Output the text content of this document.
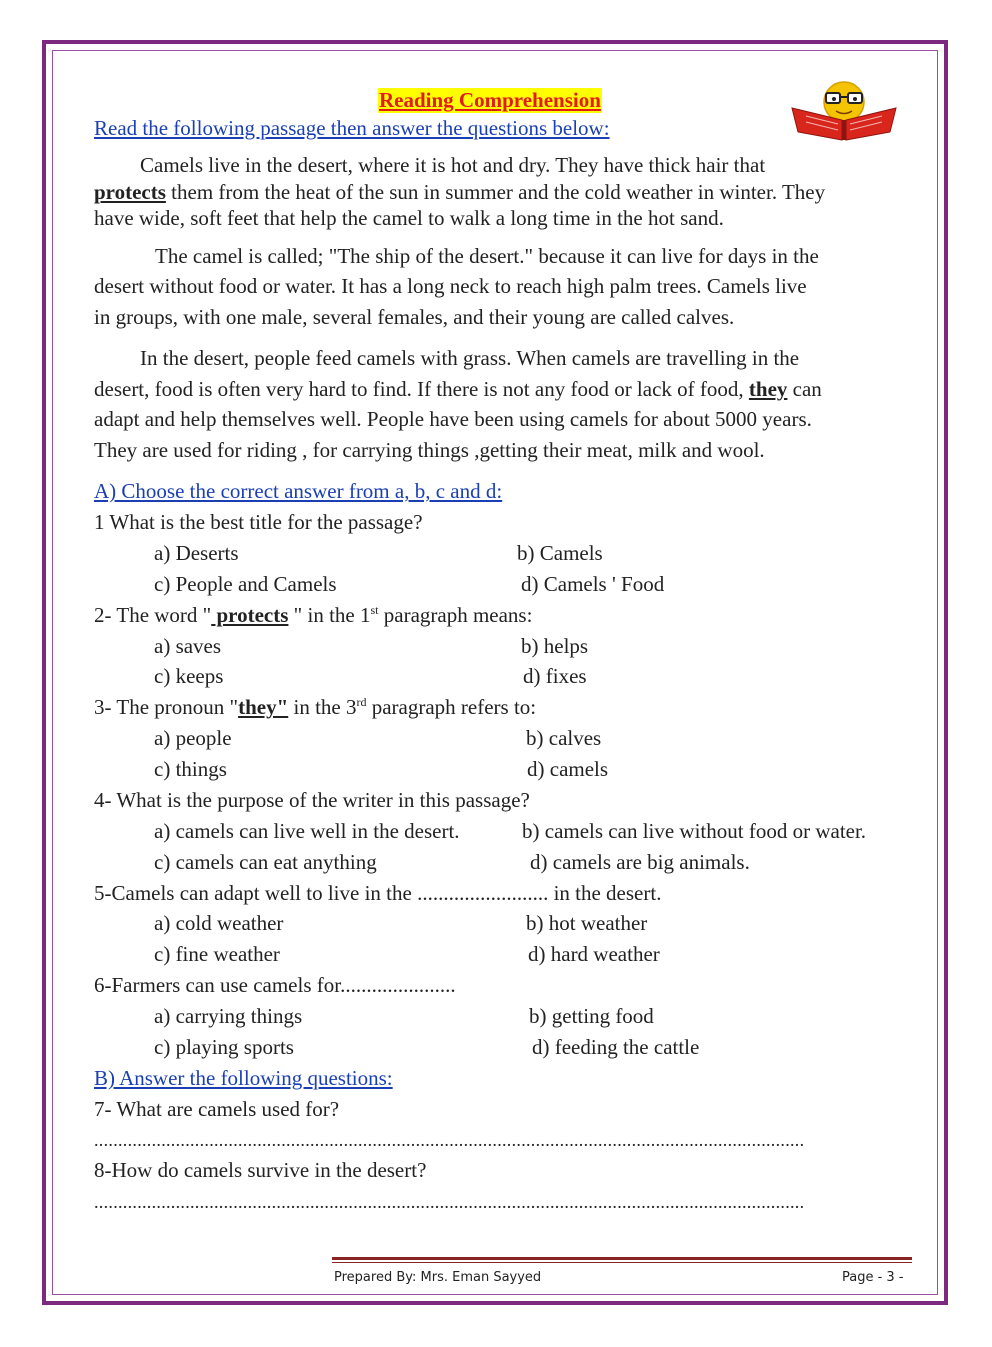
Reading Comprehension
Read the following passage then answer the questions below:
Camels live in the desert, where it is hot and dry. They have thick hair that
protects them from the heat of the sun in summer and the cold weather in winter. They
have wide, soft feet that help the camel to walk a long time in the hot sand.
The camel is called; "The ship of the desert." because it can live for days in the
desert without food or water. It has a long neck to reach high palm trees. Camels live
in groups, with one male, several females, and their young are called calves.
In the desert, people feed camels with grass. When camels are travelling in the
desert, food is often very hard to find. If there is not any food or lack of food, they can
adapt and help themselves well. People have been using camels for about 5000 years.
They are used for riding , for carrying things ,getting their meat, milk and wool.
A) Choose the correct answer from a, b, c and d:
1 What is the best title for the passage?
a) Deserts	b) Camels
c) People and Camels	d) Camels ' Food
2- The word " protects " in the 1st paragraph means:
a) saves	b) helps
c) keeps	d) fixes
3- The pronoun "they" in the 3rd paragraph refers to:
a) people	b) calves
c) things	d) camels
4- What is the purpose of the writer in this passage?
a) camels can live well in the desert.	b) camels can live without food or water.
c) camels can eat anything	d) camels are big animals.
5-Camels can adapt well to live in the ......................... in the desert.
a) cold weather	b) hot weather
c) fine weather	d) hard weather
6-Farmers can use camels for......................
a) carrying things	b) getting food
c) playing sports	d) feeding the cattle
B) Answer the following questions:
7- What are camels used for?
....................................................................................................................................................
8-How do camels survive in the desert?
....................................................................................................................................................
Prepared By: Mrs. Eman Sayyed	Page - 3 -
